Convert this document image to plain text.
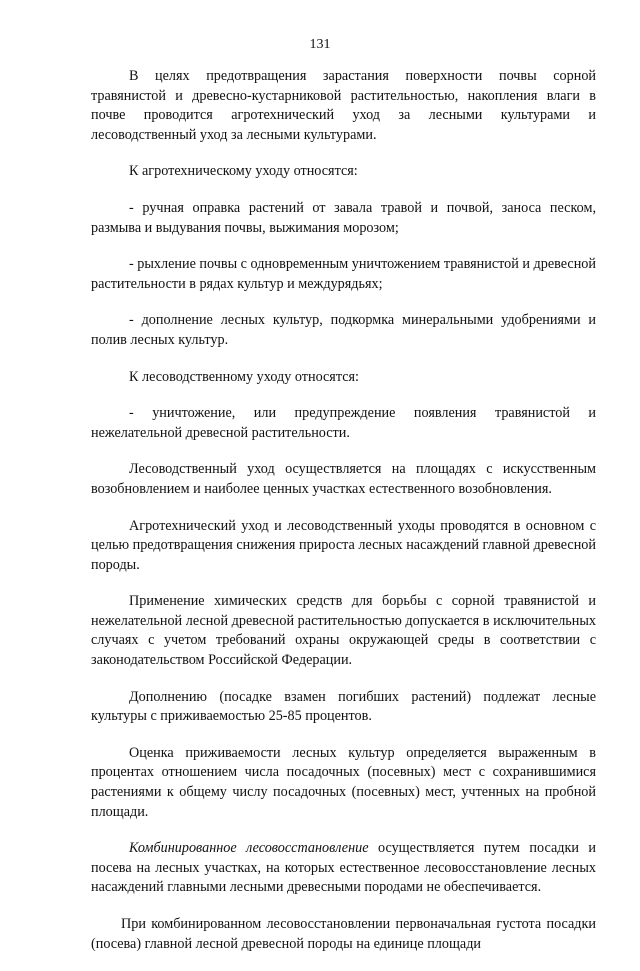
131

В целях предотвращения зарастания поверхности почвы сорной травянистой и древесно-кустарниковой растительностью, накопления влаги в почве проводится агротехнический уход за лесными культурами и лесоводственный уход за лесными культурами.

К агротехническому уходу относятся:

- ручная оправка растений от завала травой и почвой, заноса песком, размыва и выдувания почвы, выжимания морозом;

- рыхление почвы с одновременным уничтожением травянистой и древесной растительности в рядах культур и междурядьях;

- дополнение лесных культур, подкормка минеральными удобрениями и полив лесных культур.

К лесоводственному уходу относятся:

- уничтожение, или предупреждение появления травянистой и нежелательной древесной растительности.

Лесоводственный уход осуществляется на площадях с искусственным возобновлением и наиболее ценных участках естественного возобновления.

Агротехнический уход и лесоводственный уходы проводятся в основном с целью предотвращения снижения прироста лесных насаждений главной древесной породы.

Применение химических средств для борьбы с сорной травянистой и нежелательной лесной древесной растительностью допускается в исключительных случаях с учетом требований охраны окружающей среды в соответствии с законодательством Российской Федерации.

Дополнению (посадке взамен погибших растений) подлежат лесные культуры с приживаемостью 25-85 процентов.

Оценка приживаемости лесных культур определяется выраженным в процентах отношением числа посадочных (посевных) мест с сохранившимися растениями к общему числу посадочных (посевных) мест, учтенных на пробной площади.

Комбинированное лесовосстановление осуществляется путем посадки и посева на лесных участках, на которых естественное лесовосстановление лесных насаждений главными лесными древесными породами не обеспечивается.

При комбинированном лесовосстановлении первоначальная густота посадки (посева) главной лесной древесной породы на единице площади
